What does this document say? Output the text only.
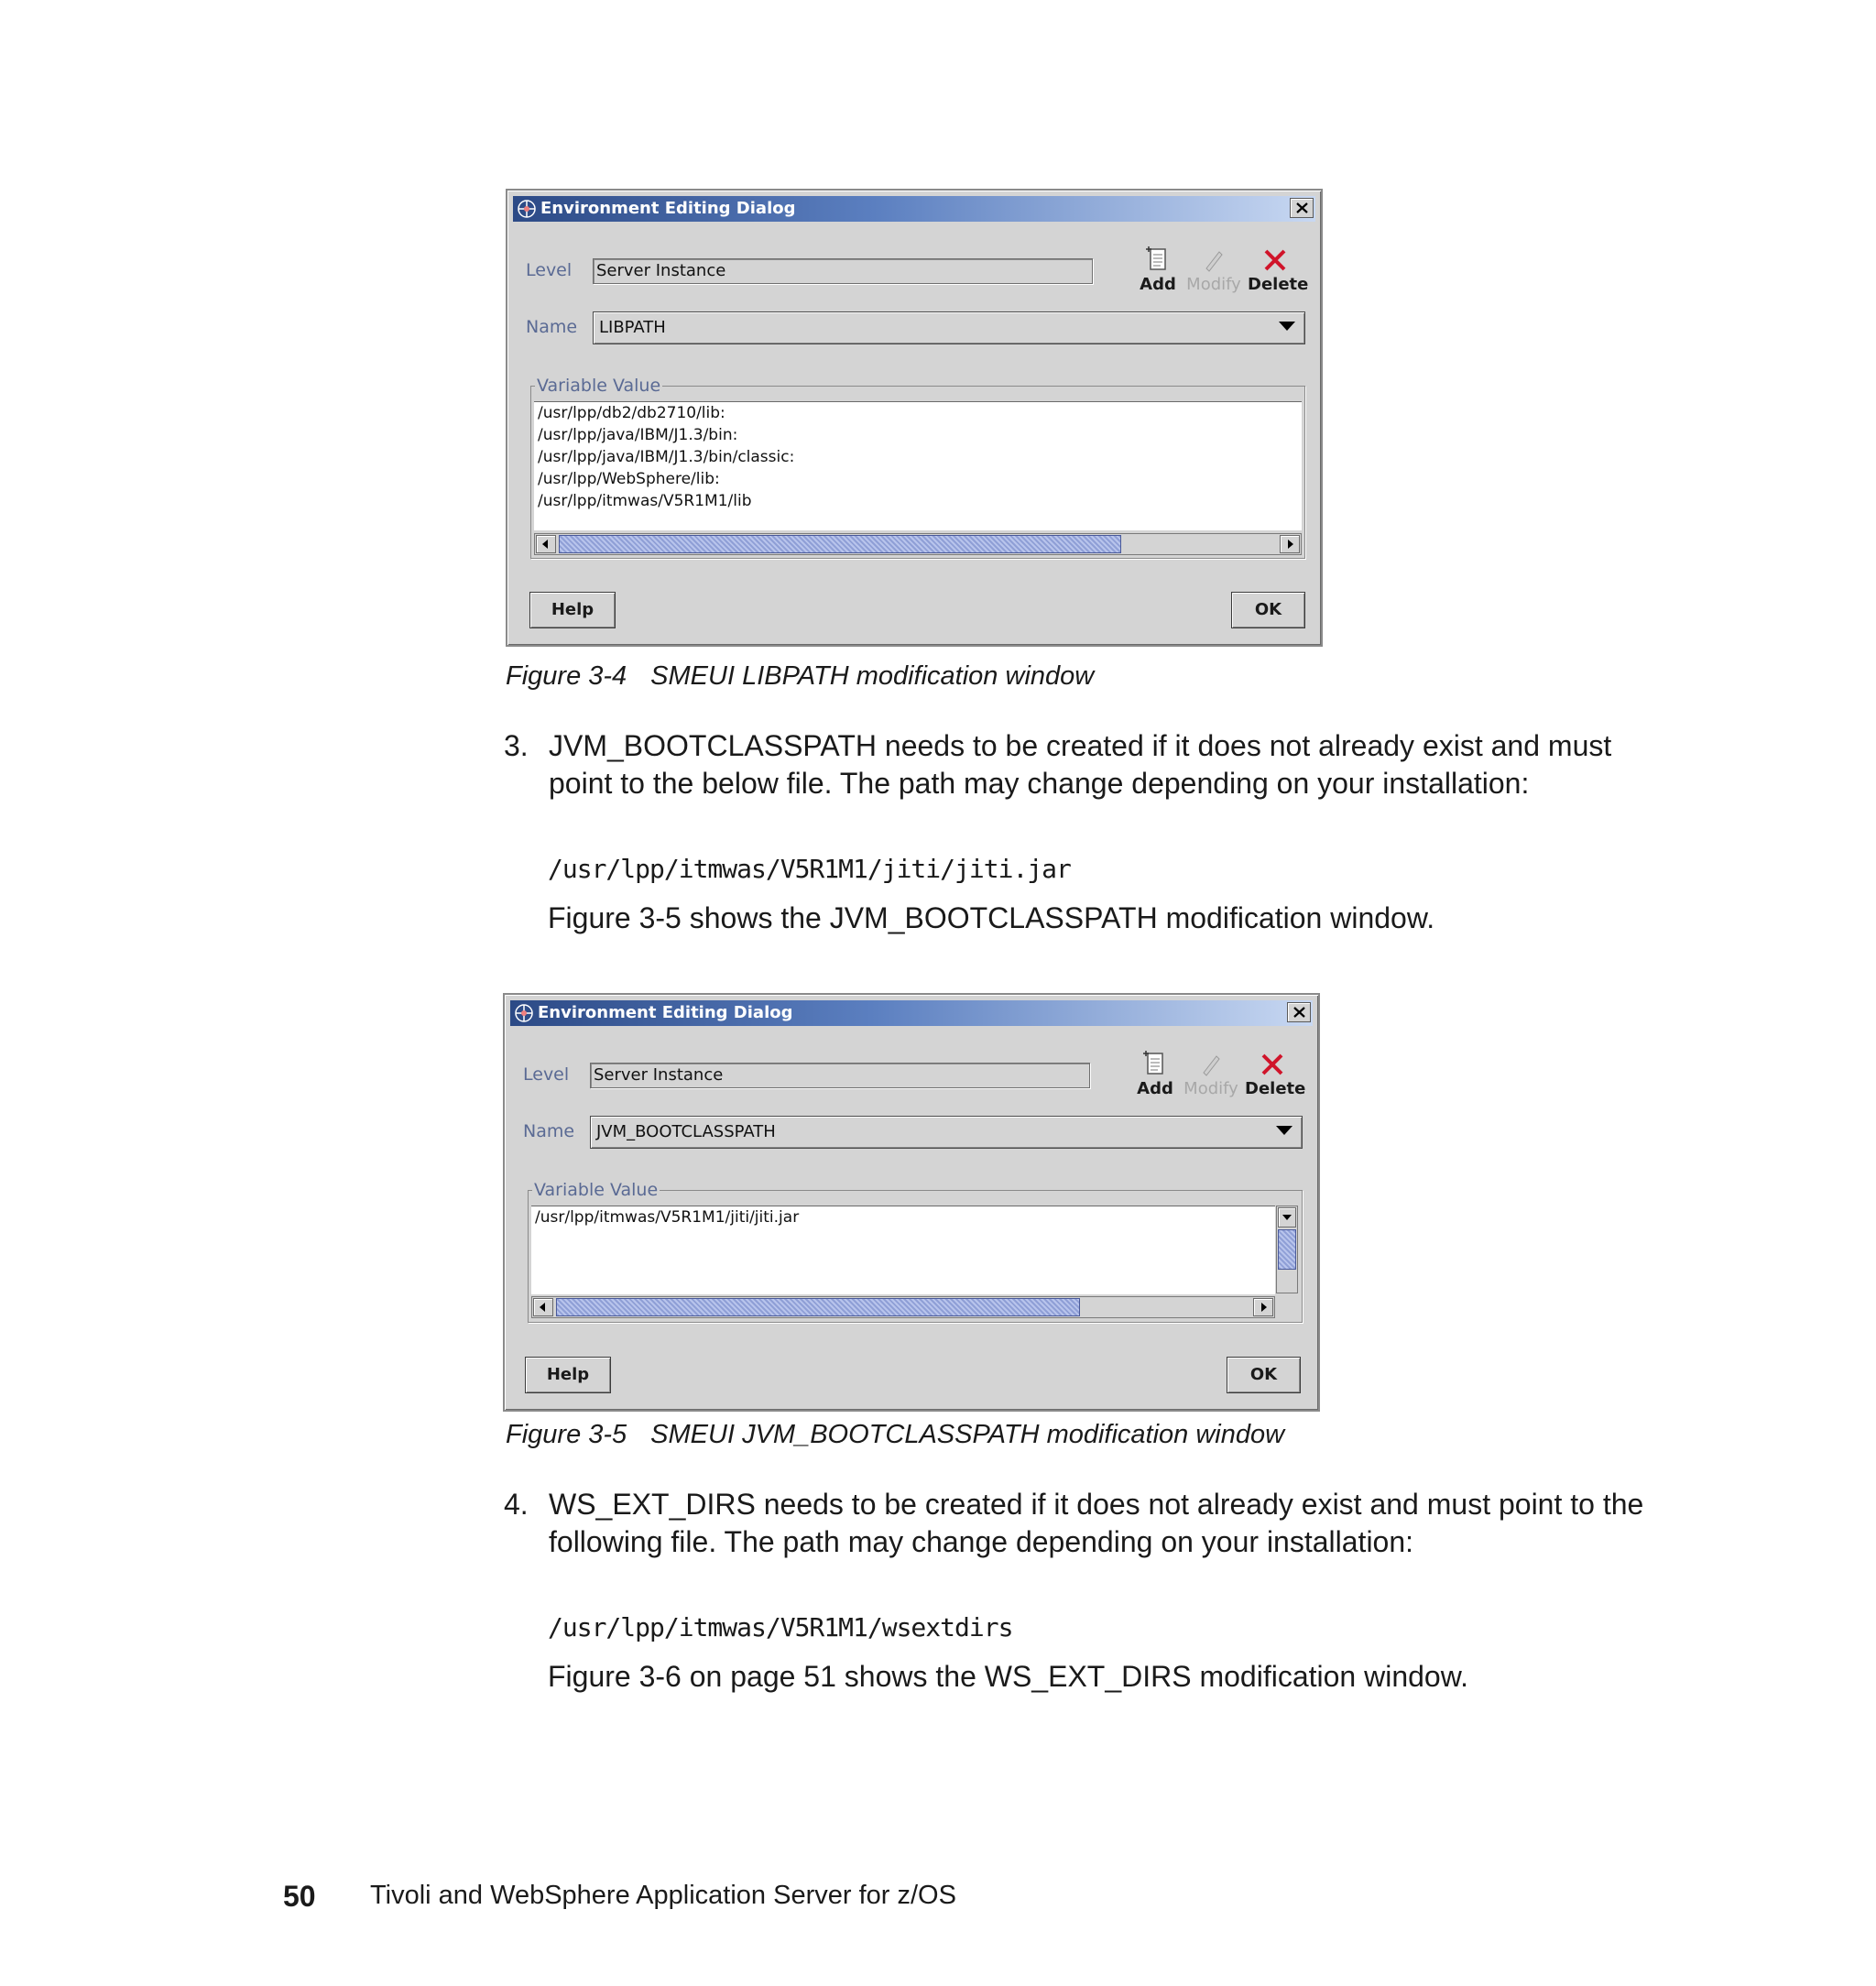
Environment Editing Dialog
Level Server Instance
Add Modify Delete
Name	LIBPATH
Variable Value
/usr/lpp/db2/db2710/lib:
/usr/lpp/java/IBM/J1.3/bin:
/usr/lpp/java/IBM/J1.3/bin/classic:
/usr/lpp/WebSphere/lib:
/usr/lpp/itmwas/V5R1M1/lib
Help	OK
Figure 3-4 SMEUI LIBPATH modification window
3. JVM_BOOTCLASSPATH needs to be created if it does not already exist and must point to the below file. The path may change depending on your installation:
/usr/lpp/itmwas/V5R1M1/jiti/jiti.jar
Figure 3-5 shows the JVM_BOOTCLASSPATH modification window.
Environment Editing Dialog
Level Server Instance
Add Modify Delete
Name	JVM_BOOTCLASSPATH
Variable Value
/usr/lpp/itmwas/V5R1M1/jiti/jiti.jar
Help	OK
Figure 3-5 SMEUI JVM_BOOTCLASSPATH modification window
4. WS_EXT_DIRS needs to be created if it does not already exist and must point to the following file. The path may change depending on your installation:
/usr/lpp/itmwas/V5R1M1/wsextdirs
Figure 3-6 on page 51 shows the WS_EXT_DIRS modification window.
50 Tivoli and WebSphere Application Server for z/OS
